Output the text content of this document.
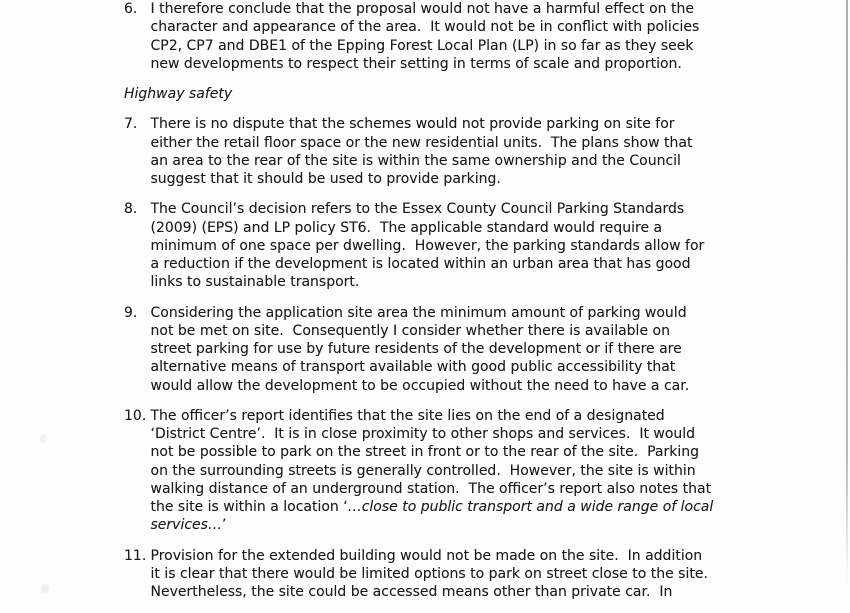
6. I therefore conclude that the proposal would not have a harmful effect on the
character and appearance of the area.  It would not be in conflict with policies
CP2, CP7 and DBE1 of the Epping Forest Local Plan (LP) in so far as they seek
new developments to respect their setting in terms of scale and proportion.
Highway safety
7. There is no dispute that the schemes would not provide parking on site for
either the retail floor space or the new residential units.  The plans show that
an area to the rear of the site is within the same ownership and the Council
suggest that it should be used to provide parking.
8. The Council’s decision refers to the Essex County Council Parking Standards
(2009) (EPS) and LP policy ST6.  The applicable standard would require a
minimum of one space per dwelling.  However, the parking standards allow for
a reduction if the development is located within an urban area that has good
links to sustainable transport.
9. Considering the application site area the minimum amount of parking would
not be met on site.  Consequently I consider whether there is available on
street parking for use by future residents of the development or if there are
alternative means of transport available with good public accessibility that
would allow the development to be occupied without the need to have a car.
10. The officer’s report identifies that the site lies on the end of a designated
‘District Centre’.  It is in close proximity to other shops and services.  It would
not be possible to park on the street in front or to the rear of the site.  Parking
on the surrounding streets is generally controlled.  However, the site is within
walking distance of an underground station.  The officer’s report also notes that
the site is within a location ‘…close to public transport and a wide range of local
services…’
11. Provision for the extended building would not be made on the site.  In addition
it is clear that there would be limited options to park on street close to the site.
Nevertheless, the site could be accessed means other than private car.  In
